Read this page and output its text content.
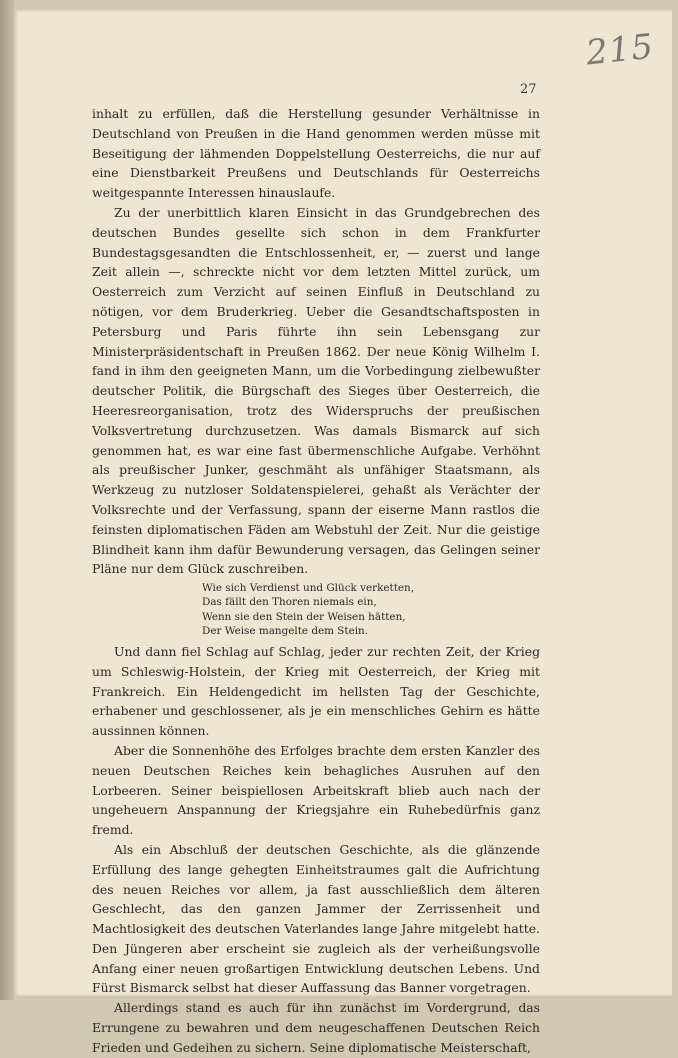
215
27

inhalt zu erfüllen, daß die Herstellung gesunder Verhältnisse in Deutschland von Preußen in die Hand genommen werden müsse mit Beseitigung der lähmenden Doppelstellung Oesterreichs, die nur auf eine Dienstbarkeit Preußens und Deutschlands für Oesterreichs weitgespannte Interessen hinauslaufe.

Zu der unerbittlich klaren Einsicht in das Grundgebrechen des deutschen Bundes gesellte sich schon in dem Frankfurter Bundestagsgesandten die Entschlossenheit, er, — zuerst und lange Zeit allein —, schreckte nicht vor dem letzten Mittel zurück, um Oesterreich zum Verzicht auf seinen Einfluß in Deutschland zu nötigen, vor dem Bruderkrieg. Ueber die Gesandtschaftsposten in Petersburg und Paris führte ihn sein Lebensgang zur Ministerpräsidentschaft in Preußen 1862. Der neue König Wilhelm I. fand in ihm den geeigneten Mann, um die Vorbedingung zielbewußter deutscher Politik, die Bürgschaft des Sieges über Oesterreich, die Heeresreorganisation, trotz des Widerspruchs der preußischen Volksvertretung durchzusetzen. Was damals Bismarck auf sich genommen hat, es war eine fast übermenschliche Aufgabe. Verhöhnt als preußischer Junker, geschmäht als unfähiger Staatsmann, als Werkzeug zu nutzloser Soldatenspielerei, gehaßt als Verächter der Volksrechte und der Verfassung, spann der eiserne Mann rastlos die feinsten diplomatischen Fäden am Webstuhl der Zeit. Nur die geistige Blindheit kann ihm dafür Bewunderung versagen, das Gelingen seiner Pläne nur dem Glück zuschreiben.

Wie sich Verdienst und Glück verketten,
Das fällt den Thoren niemals ein,
Wenn sie den Stein der Weisen hätten,
Der Weise mangelte dem Stein.

Und dann fiel Schlag auf Schlag, jeder zur rechten Zeit, der Krieg um Schleswig-Holstein, der Krieg mit Oesterreich, der Krieg mit Frankreich. Ein Heldengedicht im hellsten Tag der Geschichte, erhabener und geschlossener, als je ein menschliches Gehirn es hätte aussinnen können.

Aber die Sonnenhöhe des Erfolges brachte dem ersten Kanzler des neuen Deutschen Reiches kein behagliches Ausruhen auf den Lorbeeren. Seiner beispiellosen Arbeitskraft blieb auch nach der ungeheuern Anspannung der Kriegsjahre ein Ruhebedürfnis ganz fremd.

Als ein Abschluß der deutschen Geschichte, als die glänzende Erfüllung des lange gehegten Einheitstraumes galt die Aufrichtung des neuen Reiches vor allem, ja fast ausschließlich dem älteren Geschlecht, das den ganzen Jammer der Zerrissenheit und Machtlosigkeit des deutschen Vaterlandes lange Jahre mitgelebt hatte. Den Jüngeren aber erscheint sie zugleich als der verheißungsvolle Anfang einer neuen großartigen Entwicklung deutschen Lebens. Und Fürst Bismarck selbst hat dieser Auffassung das Banner vorgetragen.

Allerdings stand es auch für ihn zunächst im Vordergrund, das Errungene zu bewahren und dem neugeschaffenen Deutschen Reich Frieden und Gedeihen zu sichern. Seine diplomatische Meisterschaft,
